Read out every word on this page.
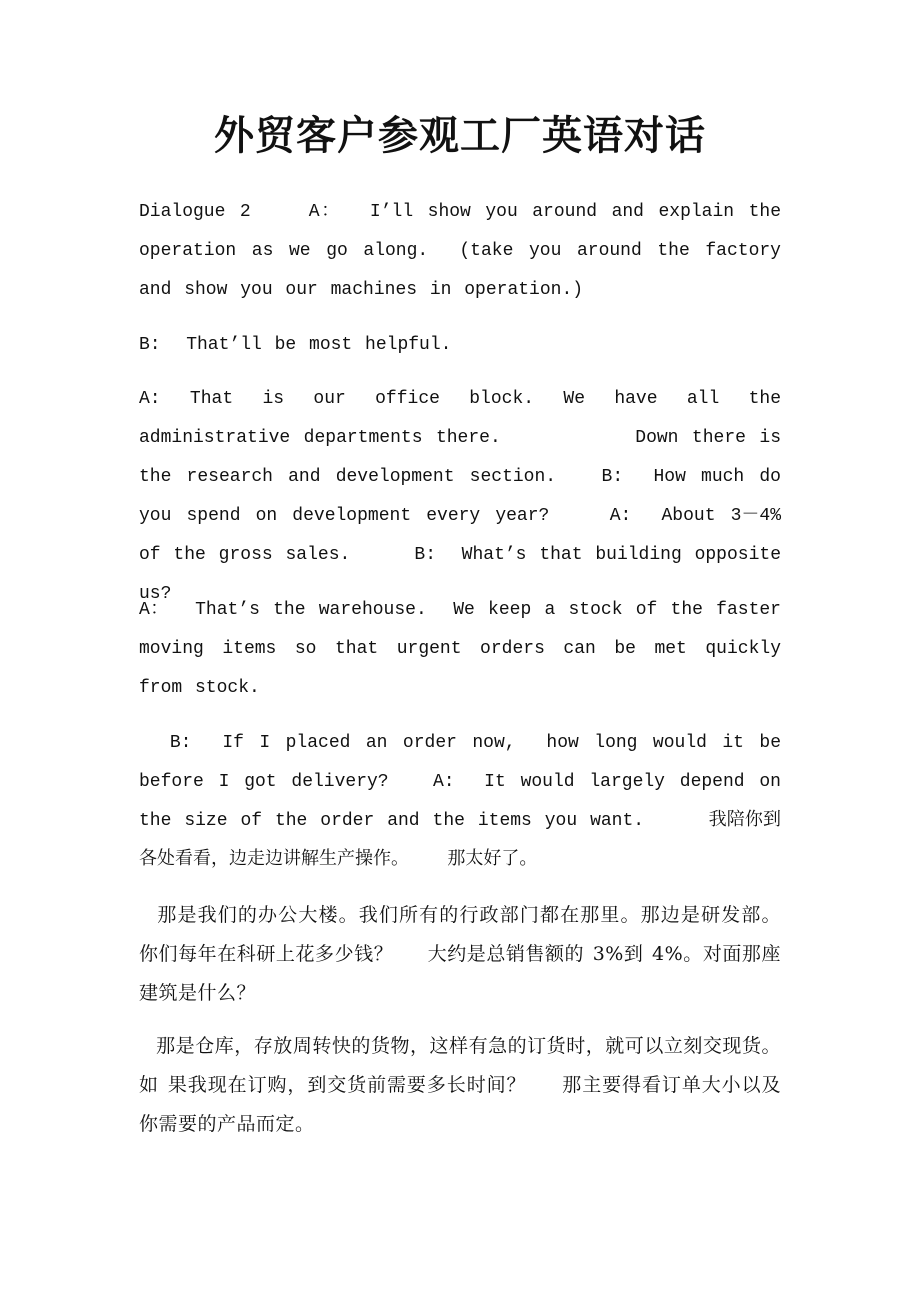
外贸客户参观工厂英语对话

Dialogue 2    A：  I’ll show you around and explain the operation as we go along.  (take you around the factory and show you our machines in operation.)

B:  That’ll be most helpful.

A: That is our office block. We have all the administrative departments there.          Down there is the research and development section.   B:  How much do you spend on development every year?    A:  About 3－4% of the gross sales.     B:  What’s that building opposite us?

A：  That’s the warehouse.  We keep a stock of the faster moving items so that urgent orders can be met quickly from stock.

B:  If I placed an order now,  how long would it be before I got delivery?   A:  It would largely depend on the size of the order and the items you want.     我陪你到各处看看，边走边讲解生产操作。   那太好了。

那是我们的办公大楼。我们所有的行政部门都在那里。那边是研发部。    你们每年在科研上花多少钱？    大约是总销售额的 3%到 4%。对面那座建筑是什么？

那是仓库，存放周转快的货物，这样有急的订货时，就可以立刻交现货。   如 果我现在订购，到交货前需要多长时间？    那主要得看订单大小以及你需要的产品而定。
